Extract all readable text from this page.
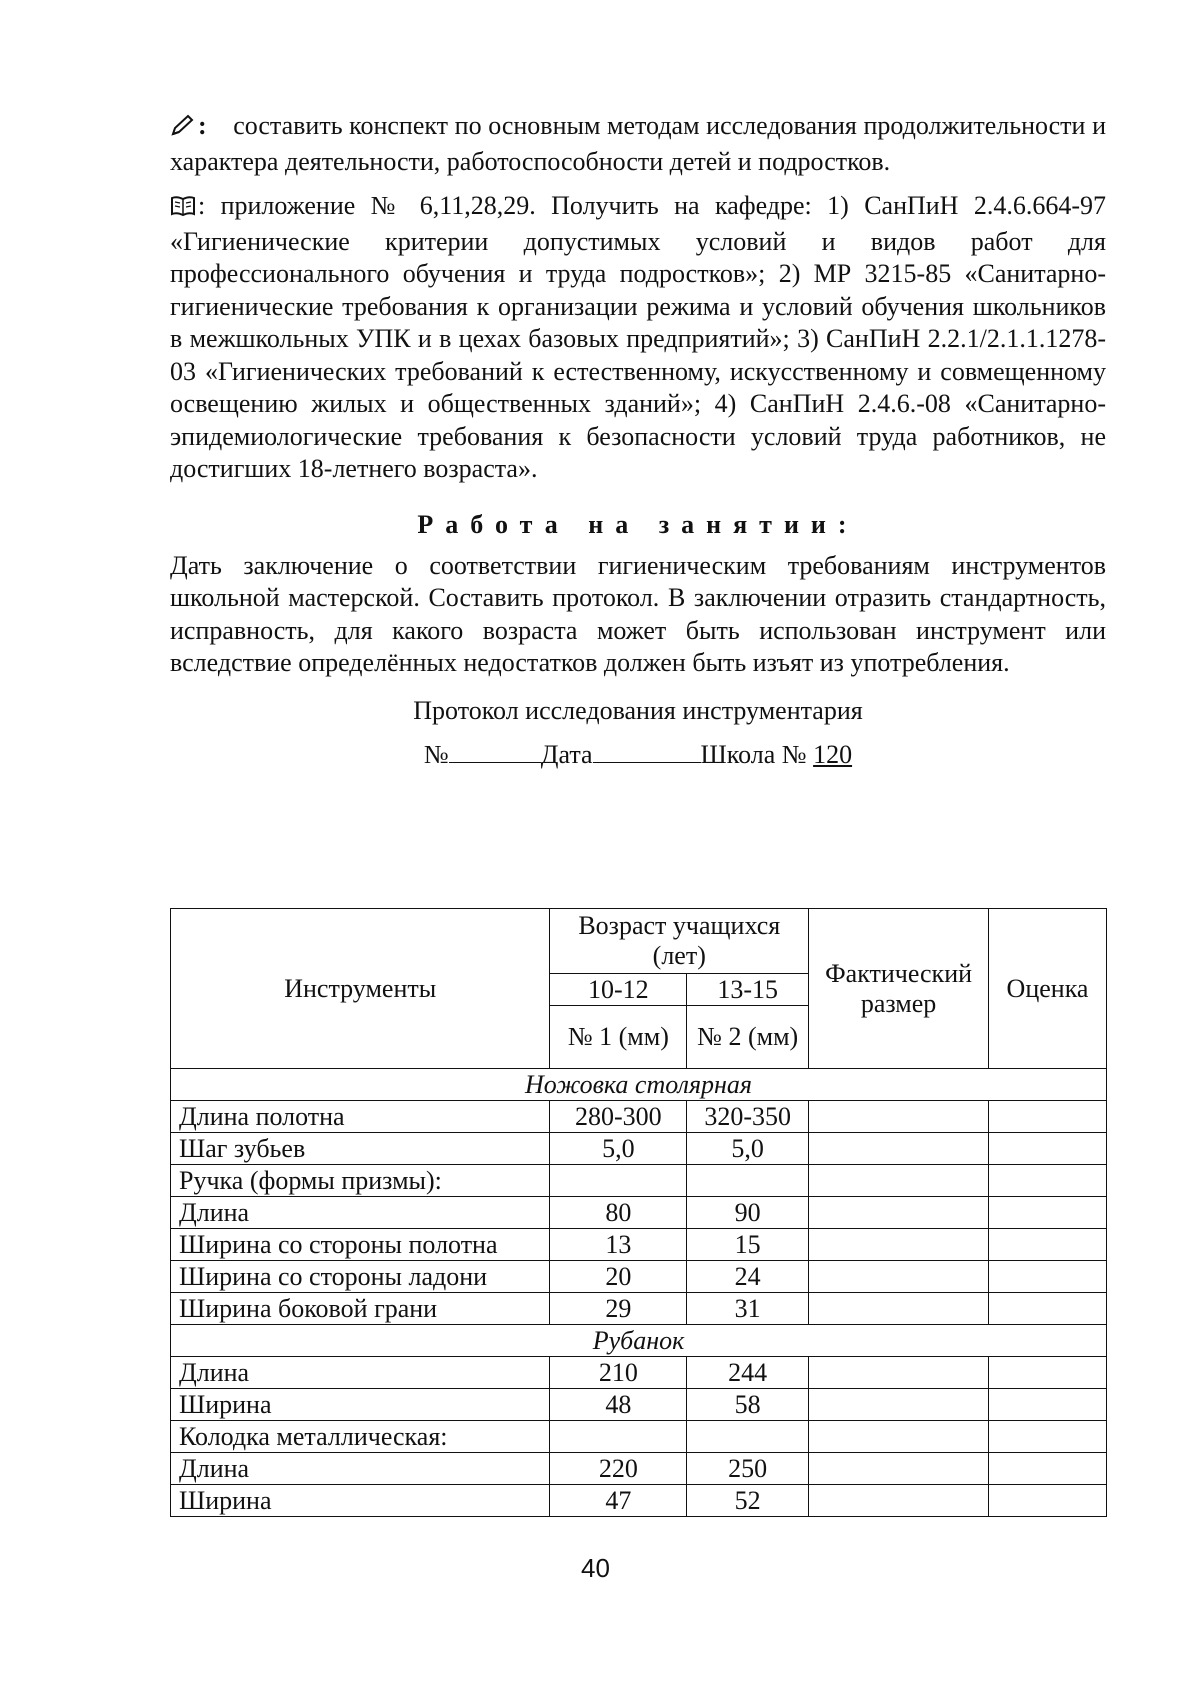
: составить конспект по основным методам исследования продолжительности и характера деятельности, работоспособности детей и подростков.

: приложение № 6,11,28,29. Получить на кафедре: 1) СанПиН 2.4.6.664-97 «Гигиенические критерии допустимых условий и видов работ для профессионального обучения и труда подростков»; 2) МР 3215-85 «Санитарно-гигиенические требования к организации режима и условий обучения школьников в межшкольных УПК и в цехах базовых предприятий»; 3) СанПиН 2.2.1/2.1.1.1278-03 «Гигиенических требований к естественному, искусственному и совмещенному освещению жилых и общественных зданий»; 4) СанПиН 2.4.6.-08 «Санитарно-эпидемиологические требования к безопасности условий труда работников, не достигших 18-летнего возраста».

Работа на занятии:

Дать заключение о соответствии гигиеническим требованиям инструментов школьной мастерской. Составить протокол. В заключении отразить стандартность, исправность, для какого возраста может быть использован инструмент или вследствие определённых недостатков должен быть изъят из употребления.

Протокол исследования инструментария
№	Дата	Школа № 120
Инструменты	Возраст учащихся (лет)		Фактический размер	Оценка
	10-12	13-15		
	№ 1 (мм)	№ 2 (мм)		
Ножовка столярная				
Длина полотна	280-300	320-350		
Шаг зубьев	5,0	5,0		
Ручка (формы призмы):				
Длина	80	90		
Ширина со стороны полотна	13	15		
Ширина со стороны ладони	20	24		
Ширина боковой грани	29	31		
Рубанок				
Длина	210	244		
Ширина	48	58		
Колодка металлическая:				
Длина	220	250		
Ширина	47	52		
40
